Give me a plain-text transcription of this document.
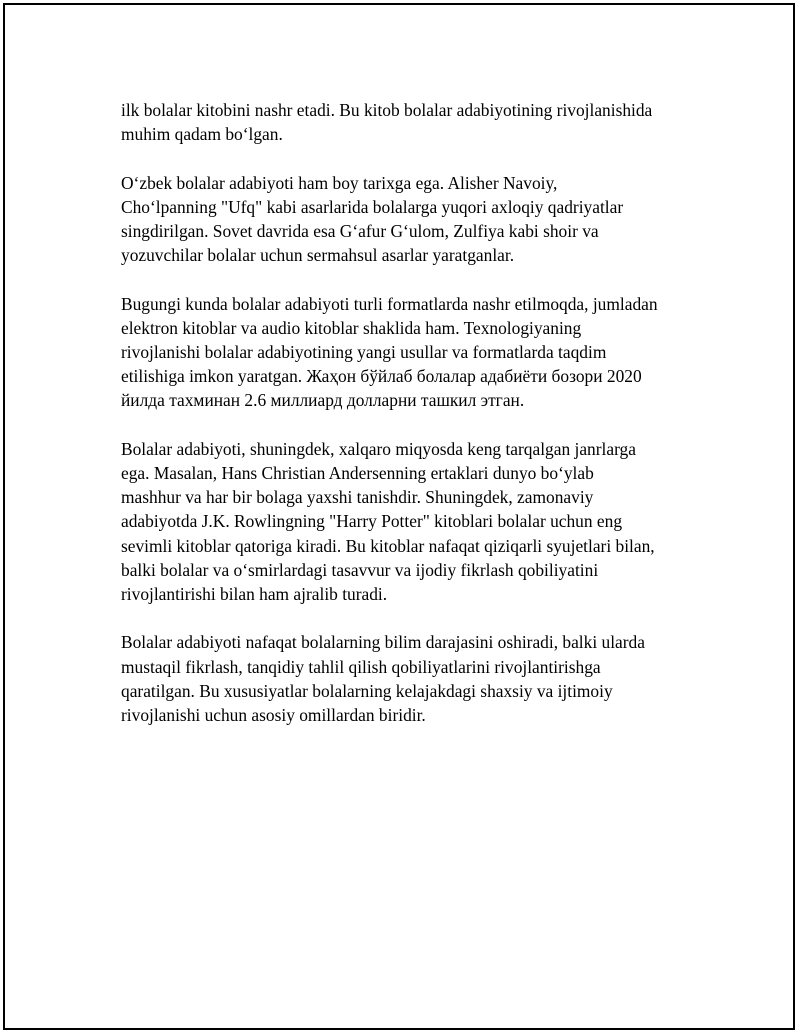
ilk bolalar kitobini nashr etadi. Bu kitob bolalar adabiyotining rivojlanishida
muhim qadam bo‘lgan.

O‘zbek bolalar adabiyoti ham boy tarixga ega. Alisher Navoiy,
Cho‘lpanning "Ufq" kabi asarlarida bolalarga yuqori axloqiy qadriyatlar
singdirilgan. Sovet davrida esa G‘afur G‘ulom, Zulfiya kabi shoir va
yozuvchilar bolalar uchun sermahsul asarlar yaratganlar.

Bugungi kunda bolalar adabiyoti turli formatlarda nashr etilmoqda, jumladan
elektron kitoblar va audio kitoblar shaklida ham. Texnologiyaning
rivojlanishi bolalar adabiyotining yangi usullar va formatlarda taqdim
etilishiga imkon yaratgan. Жаҳон бўйлаб болалар адабиёти бозори 2020
йилда тахминан 2.6 миллиард долларни ташкил этган.

Bolalar adabiyoti, shuningdek, xalqaro miqyosda keng tarqalgan janrlarga
ega. Masalan, Hans Christian Andersenning ertaklari dunyo bo‘ylab
mashhur va har bir bolaga yaxshi tanishdir. Shuningdek, zamonaviy
adabiyotda J.K. Rowlingning "Harry Potter" kitoblari bolalar uchun eng
sevimli kitoblar qatoriga kiradi. Bu kitoblar nafaqat qiziqarli syujetlari bilan,
balki bolalar va o‘smirlardagi tasavvur va ijodiy fikrlash qobiliyatini
rivojlantirishi bilan ham ajralib turadi.

Bolalar adabiyoti nafaqat bolalarning bilim darajasini oshiradi, balki ularda
mustaqil fikrlash, tanqidiy tahlil qilish qobiliyatlarini rivojlantirishga
qaratilgan. Bu xususiyatlar bolalarning kelajakdagi shaxsiy va ijtimoiy
rivojlanishi uchun asosiy omillardan biridir.
